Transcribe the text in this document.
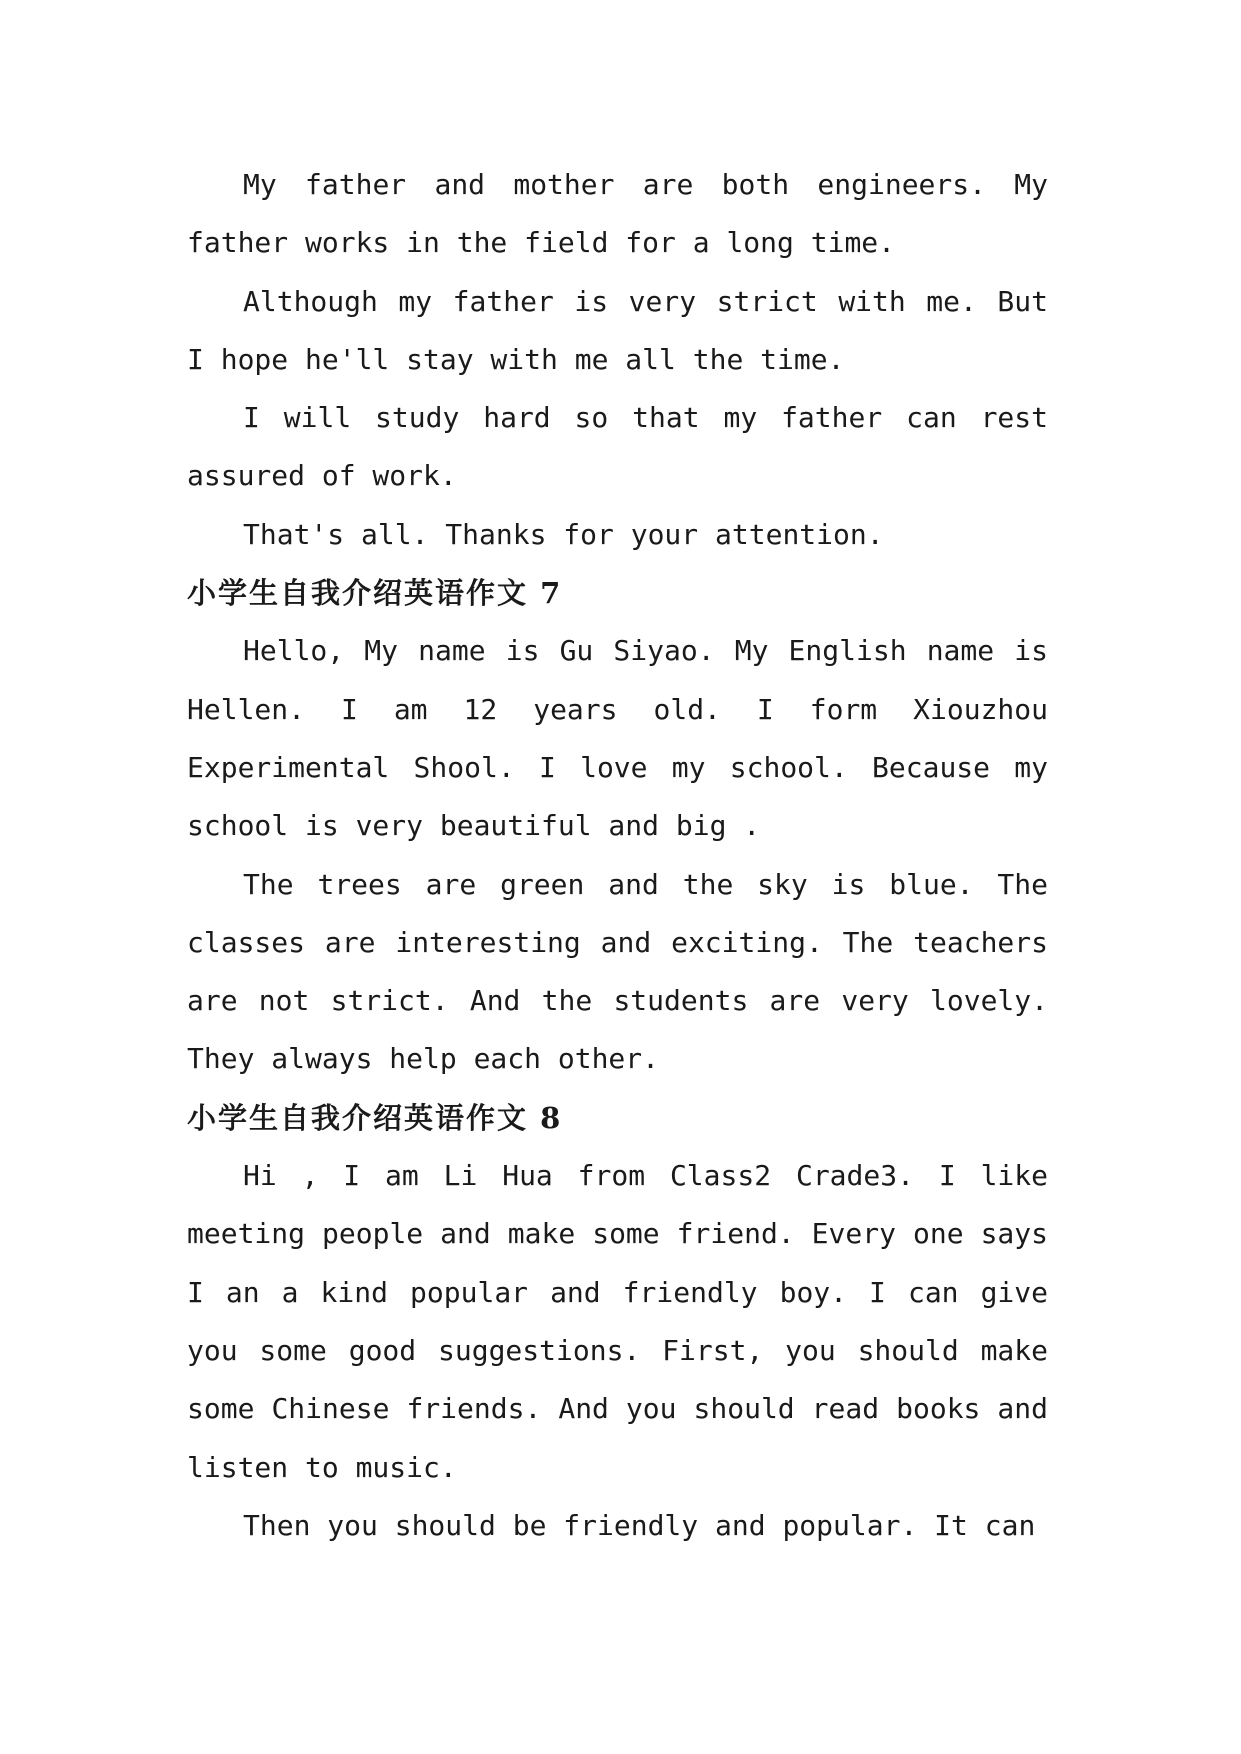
My father and mother are both engineers. My father works in the field for a long time.

Although my father is very strict with me. But I hope he'll stay with me all the time.

I will study hard so that my father can rest assured of work.

That's all. Thanks for your attention.

小学生自我介绍英语作文 7

Hello, My name is Gu Siyao. My English name is Hellen. I am 12 years old. I form Xiouzhou Experimental Shool. I love my school. Because my school is very beautiful and big .

The trees are green and the sky is blue. The classes are interesting and exciting. The teachers are not strict. And the students are very lovely. They always help each other.

小学生自我介绍英语作文 8

Hi , I am Li Hua from Class2 Crade3. I like meeting people and make some friend. Every one says I an a kind popular and friendly boy. I can give you some good suggestions. First, you should make some Chinese friends. And you should read books and listen to music.

Then you should be friendly and popular. It can
